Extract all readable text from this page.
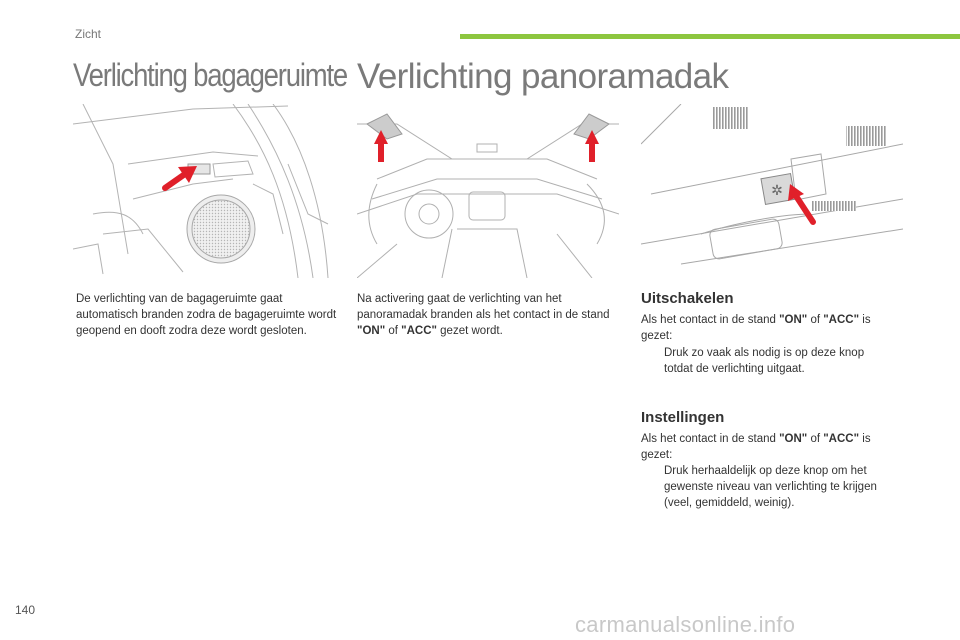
Zicht
Verlichting bagageruimte Verlichting panoramadak
✲
De verlichting van de bagageruimte gaat automatisch branden zodra de bagageruimte wordt geopend en dooft zodra deze wordt gesloten.
Na activering gaat de verlichting van het panoramadak branden als het contact in de stand "ON" of "ACC" gezet wordt.
Uitschakelen
Als het contact in de stand "ON" of "ACC" is gezet:
Druk zo vaak als nodig is op deze knop totdat de verlichting uitgaat.
Instellingen
Als het contact in de stand "ON" of "ACC" is gezet:
Druk herhaaldelijk op deze knop om het gewenste niveau van verlichting te krijgen (veel, gemiddeld, weinig).
140
carmanualsonline.info
